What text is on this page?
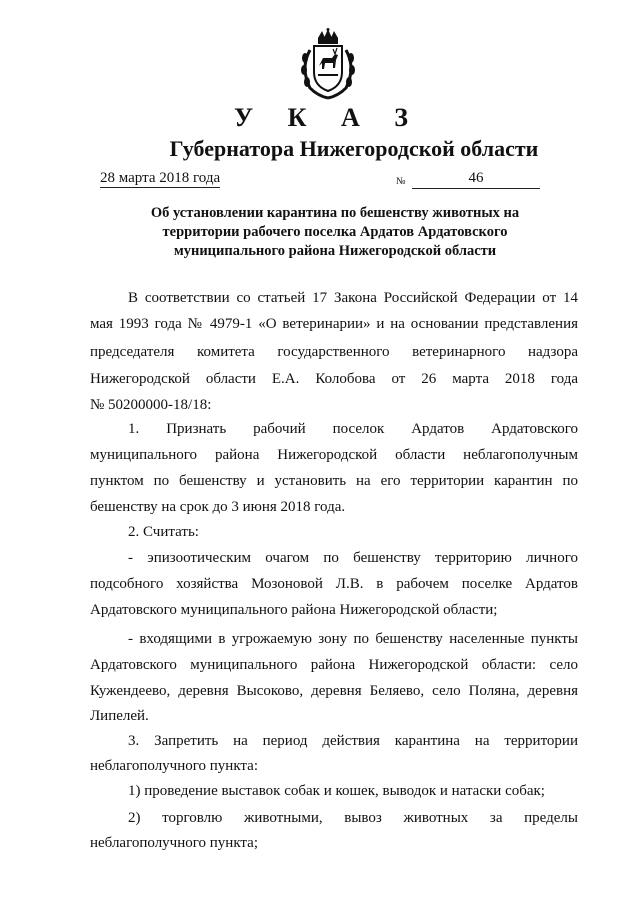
У К А З
Губернатора Нижегородской области
28 марта 2018 года	№	46
Об установлении карантина по бешенству животных на
территории рабочего поселка Ардатов Ардатовского
муниципального района Нижегородской области
В соответствии со статьей 17 Закона Российской Федерации от 14
мая 1993 года № 4979-1 «О ветеринарии» и на основании представления
председателя комитета государственного ветеринарного надзора
Нижегородской области Е.А. Колобова от 26 марта 2018 года
№ 50200000-18/18:
1. Признать рабочий поселок Ардатов Ардатовского
муниципального района Нижегородской области неблагополучным
пунктом по бешенству и установить на его территории карантин по
бешенству на срок до 3 июня 2018 года.
2. Считать:
- эпизоотическим очагом по бешенству территорию личного
подсобного хозяйства Мозоновой Л.В. в рабочем поселке Ардатов
Ардатовского муниципального района Нижегородской области;
- входящими в угрожаемую зону по бешенству населенные пункты
Ардатовского муниципального района Нижегородской области: село
Кужендеево, деревня Высоково, деревня Беляево, село Поляна, деревня
Липелей.
3. Запретить на период действия карантина на территории
неблагополучного пункта:
1) проведение выставок собак и кошек, выводок и натаски собак;
2) торговлю животными, вывоз животных за пределы
неблагополучного пункта;
